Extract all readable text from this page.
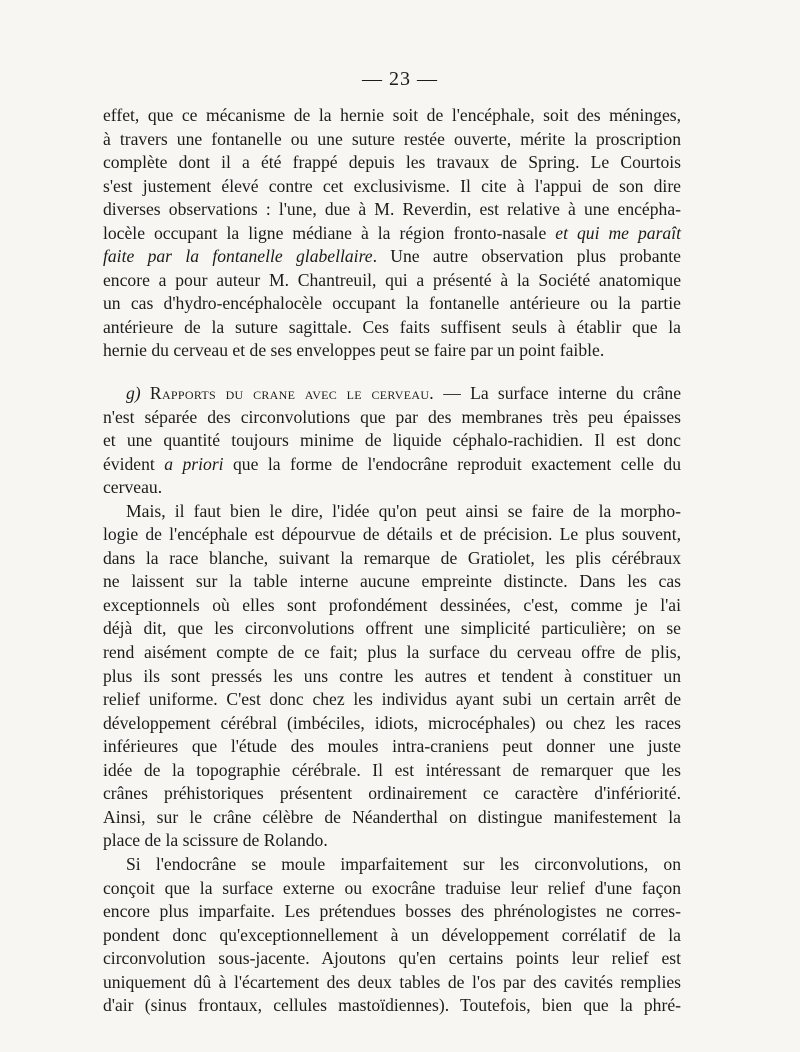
— 23 —
effet, que ce mécanisme de la hernie soit de l'encéphale, soit des méninges,
à travers une fontanelle ou une suture restée ouverte, mérite la proscription
complète dont il a été frappé depuis les travaux de Spring. Le Courtois
s'est justement élevé contre cet exclusivisme. Il cite à l'appui de son dire
diverses observations : l'une, due à M. Reverdin, est relative à une encépha-
locèle occupant la ligne médiane à la région fronto-nasale et qui me paraît
faite par la fontanelle glabellaire. Une autre observation plus probante
encore a pour auteur M. Chantreuil, qui a présenté à la Société anatomique
un cas d'hydro-encéphalocèle occupant la fontanelle antérieure ou la partie
antérieure de la suture sagittale. Ces faits suffisent seuls à établir que la
hernie du cerveau et de ses enveloppes peut se faire par un point faible.
g) Rapports du crane avec le cerveau. — La surface interne du crâne
n'est séparée des circonvolutions que par des membranes très peu épaisses
et une quantité toujours minime de liquide céphalo-rachidien. Il est donc
évident a priori que la forme de l'endocrâne reproduit exactement celle du
cerveau.
Mais, il faut bien le dire, l'idée qu'on peut ainsi se faire de la morpho-
logie de l'encéphale est dépourvue de détails et de précision. Le plus souvent,
dans la race blanche, suivant la remarque de Gratiolet, les plis cérébraux
ne laissent sur la table interne aucune empreinte distincte. Dans les cas
exceptionnels où elles sont profondément dessinées, c'est, comme je l'ai
déjà dit, que les circonvolutions offrent une simplicité particulière; on se
rend aisément compte de ce fait; plus la surface du cerveau offre de plis,
plus ils sont pressés les uns contre les autres et tendent à constituer un
relief uniforme. C'est donc chez les individus ayant subi un certain arrêt de
développement cérébral (imbéciles, idiots, microcéphales) ou chez les races
inférieures que l'étude des moules intra-craniens peut donner une juste
idée de la topographie cérébrale. Il est intéressant de remarquer que les
crânes préhistoriques présentent ordinairement ce caractère d'infériorité.
Ainsi, sur le crâne célèbre de Néanderthal on distingue manifestement la
place de la scissure de Rolando.
Si l'endocrâne se moule imparfaitement sur les circonvolutions, on
conçoit que la surface externe ou exocrâne traduise leur relief d'une façon
encore plus imparfaite. Les prétendues bosses des phrénologistes ne corres-
pondent donc qu'exceptionnellement à un développement corrélatif de la
circonvolution sous-jacente. Ajoutons qu'en certains points leur relief est
uniquement dû à l'écartement des deux tables de l'os par des cavités remplies
d'air (sinus frontaux, cellules mastoïdiennes). Toutefois, bien que la phré-
